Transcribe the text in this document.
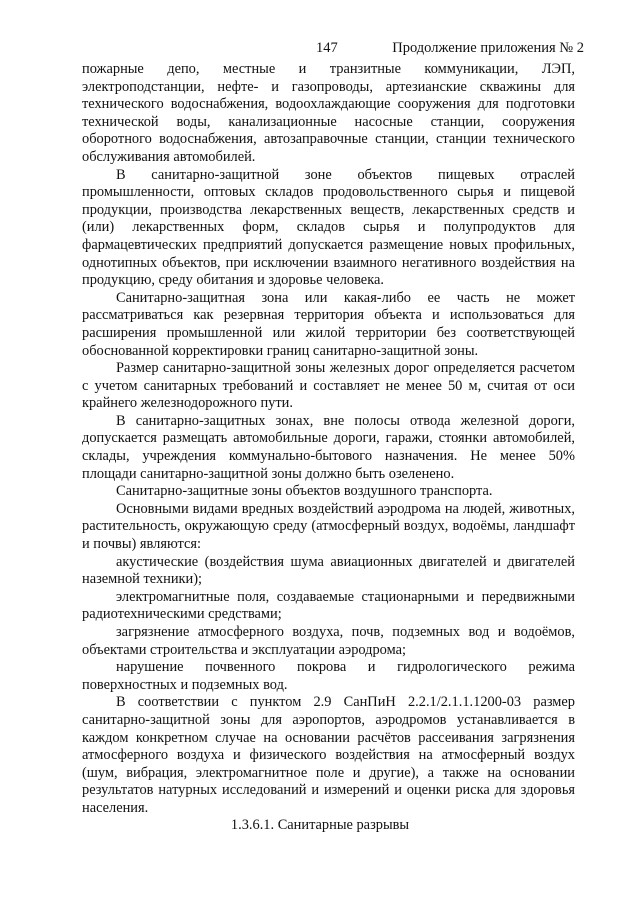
147	Продолжение приложения № 2

пожарные депо, местные и транзитные коммуникации, ЛЭП, электроподстанции, нефте- и газопроводы, артезианские скважины для технического водоснабжения, водоохлаждающие сооружения для подготовки технической воды, канализационные насосные станции, сооружения оборотного водоснабжения, автозаправочные станции, станции технического обслуживания автомобилей.

В санитарно-защитной зоне объектов пищевых отраслей промышленности, оптовых складов продовольственного сырья и пищевой продукции, производства лекарственных веществ, лекарственных средств и (или) лекарственных форм, складов сырья и полупродуктов для фармацевтических предприятий допускается размещение новых профильных, однотипных объектов, при исключении взаимного негативного воздействия на продукцию, среду обитания и здоровье человека.

Санитарно-защитная зона или какая-либо ее часть не может рассматриваться как резервная территория объекта и использоваться для расширения промышленной или жилой территории без соответствующей обоснованной корректировки границ санитарно-защитной зоны.

Размер санитарно-защитной зоны железных дорог определяется расчетом с учетом санитарных требований и составляет не менее 50 м, считая от оси крайнего железнодорожного пути.

В санитарно-защитных зонах, вне полосы отвода железной дороги, допускается размещать автомобильные дороги, гаражи, стоянки автомобилей, склады, учреждения коммунально-бытового назначения. Не менее 50% площади санитарно-защитной зоны должно быть озеленено.

Санитарно-защитные зоны объектов воздушного транспорта.

Основными видами вредных воздействий аэродрома на людей, животных, растительность, окружающую среду (атмосферный воздух, водоёмы, ландшафт и почвы) являются:

акустические (воздействия шума авиационных двигателей и двигателей наземной техники);

электромагнитные поля, создаваемые стационарными и передвижными радиотехническими средствами;

загрязнение атмосферного воздуха, почв, подземных вод и водоёмов, объектами строительства и эксплуатации аэродрома;

нарушение почвенного покрова и гидрологического режима поверхностных и подземных вод.

В соответствии с пунктом 2.9 СанПиН 2.2.1/2.1.1.1200-03 размер санитарно-защитной зоны для аэропортов, аэродромов устанавливается в каждом конкретном случае на основании расчётов рассеивания загрязнения атмосферного воздуха и физического воздействия на атмосферный воздух (шум, вибрация, электромагнитное поле и другие), а также на основании результатов натурных исследований и измерений и оценки риска для здоровья населения.

1.3.6.1. Санитарные разрывы
